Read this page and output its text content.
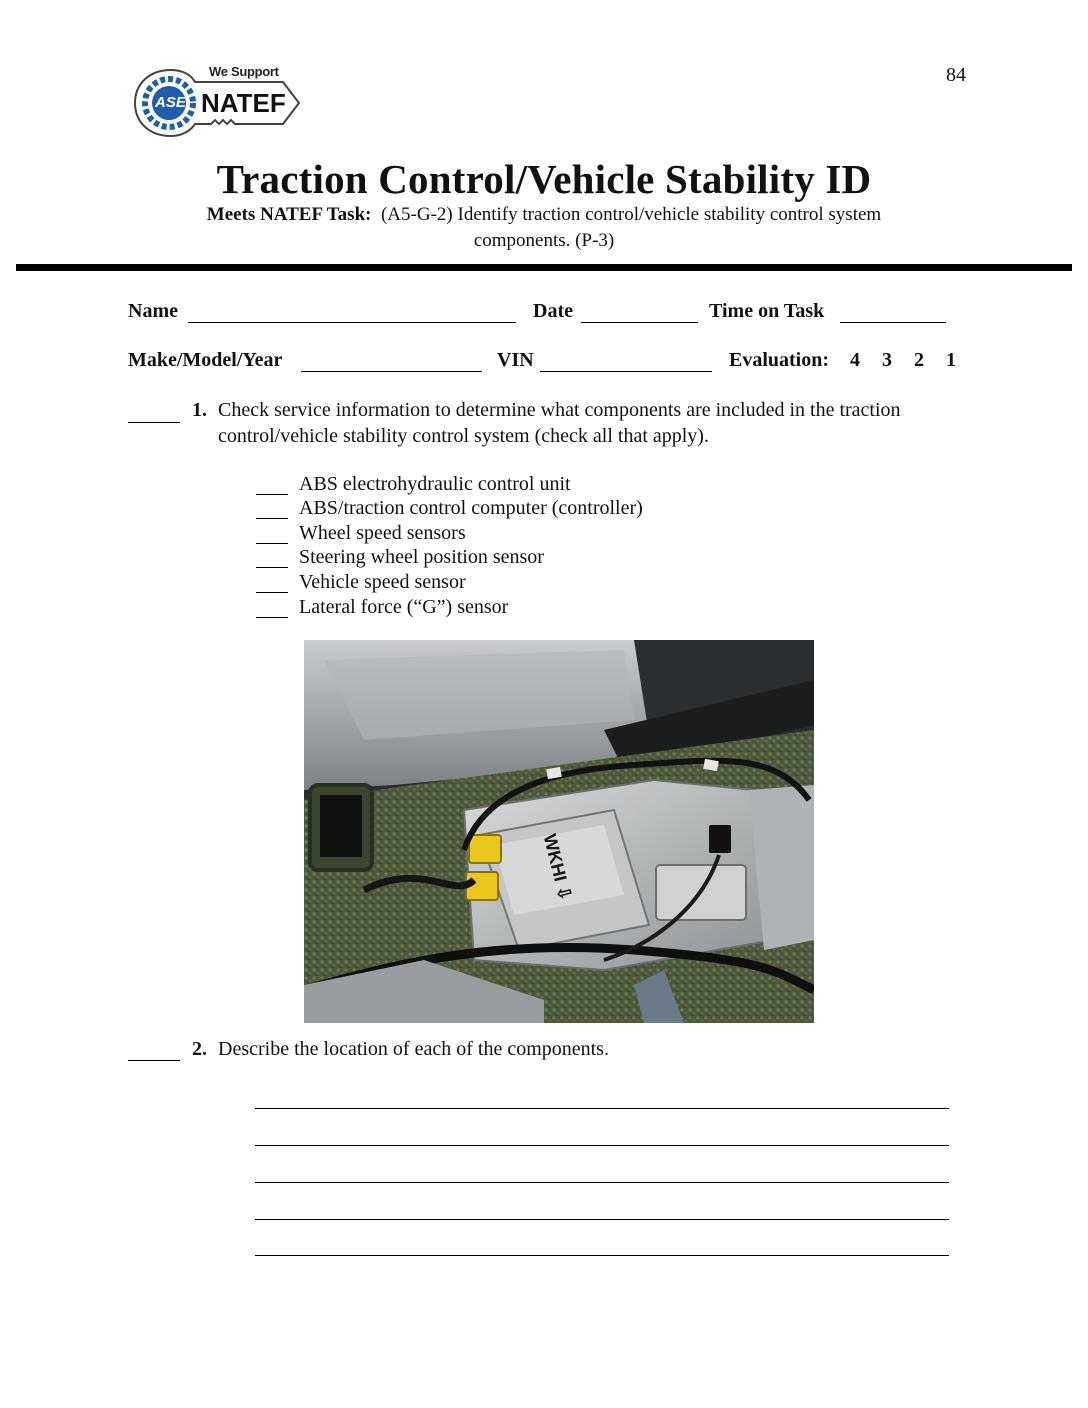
We Support
ASE NATEF
84
Traction Control/Vehicle Stability ID
Meets NATEF Task: (A5-G-2) Identify traction control/vehicle stability control system
components. (P-3)
Name	Date	Time on Task
Make/Model/Year	VIN	Evaluation: 4 3 2 1
1. Check service information to determine what components are included in the traction
control/vehicle stability control system (check all that apply).
ABS electrohydraulic control unit
ABS/traction control computer (controller)
Wheel speed sensors
Steering wheel position sensor
Vehicle speed sensor
Lateral force (“G”) sensor
WKHI ⇩
2. Describe the location of each of the components.
